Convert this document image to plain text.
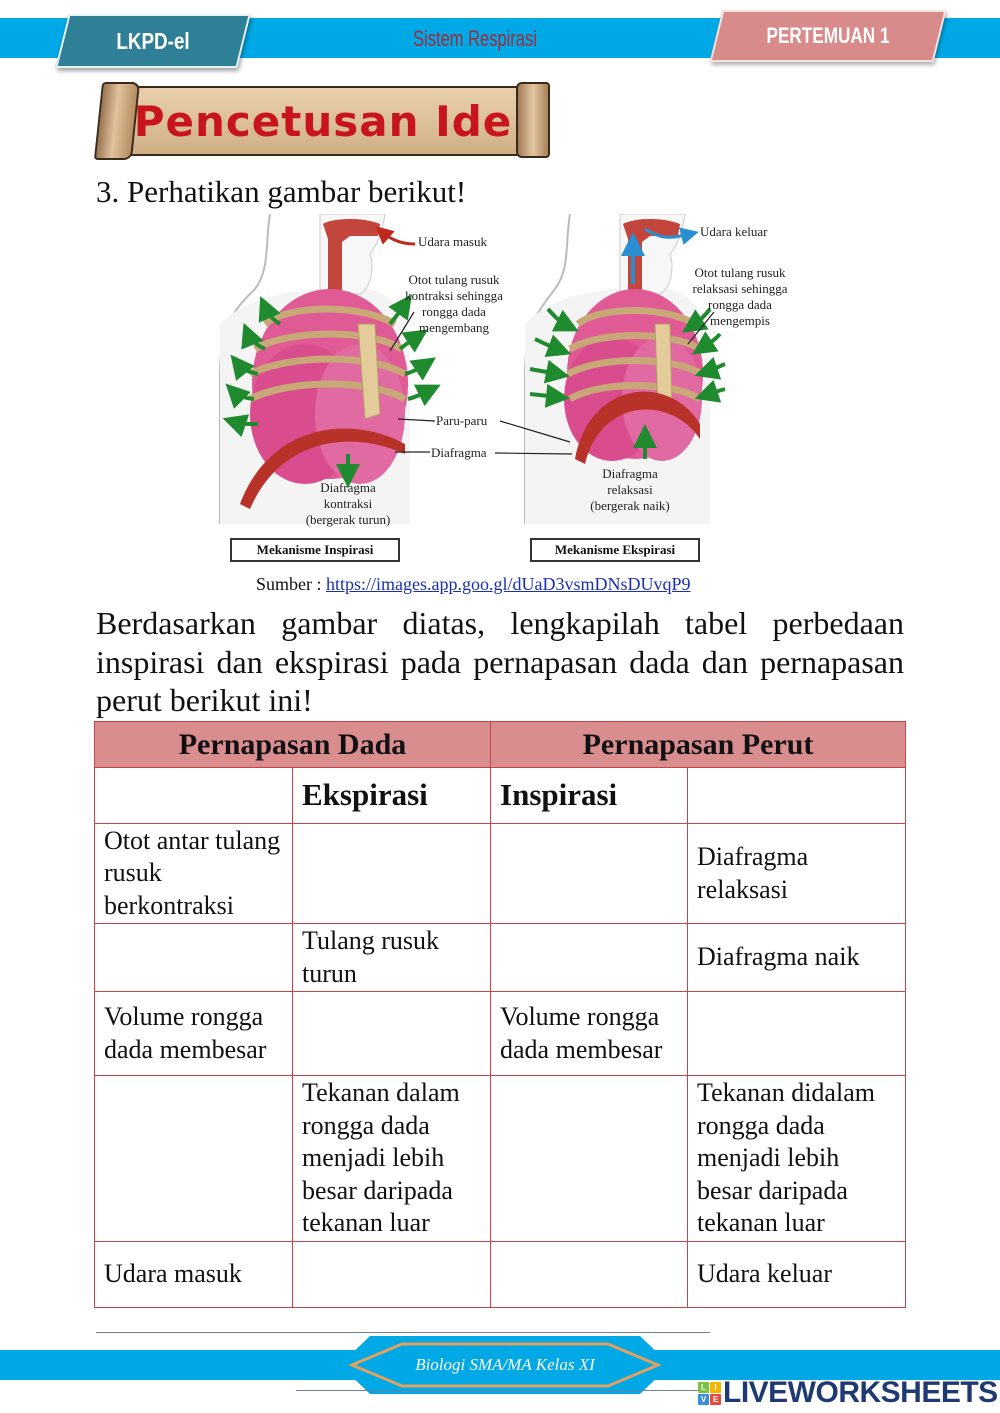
LKPD-el	Sistem Respirasi	PERTEMUAN 1
Pencetusan Ide
3. Perhatikan gambar berikut!
Udara masuk
Otot tulang rusuk
kontraksi sehingga
rongga dada
mengembang
Paru-paru
Diafragma
Diafragma
kontraksi
(bergerak turun)
Mekanisme Inspirasi
Udara keluar
Otot tulang rusuk
relaksasi sehingga
rongga dada
mengempis
Diafragma
relaksasi
(bergerak naik)
Mekanisme Ekspirasi
Sumber : https://images.app.goo.gl/dUaD3vsmDNsDUvqP9
Berdasarkan gambar diatas, lengkapilah tabel perbedaan inspirasi dan ekspirasi pada pernapasan dada dan pernapasan perut berikut ini!
Pernapasan Dada		Pernapasan Perut	
	Ekspirasi	Inspirasi	
Otot antar tulang rusuk berkontraksi			Diafragma relaksasi
	Tulang rusuk turun		Diafragma naik
Volume rongga dada membesar		Volume rongga dada membesar	
	Tekanan dalam rongga dada menjadi lebih besar daripada tekanan luar		Tekanan didalam rongga dada menjadi lebih besar daripada tekanan luar
Udara masuk			Udara keluar
Biologi SMA/MA Kelas XI
L	I
V E LIVEWORKSHEETS
